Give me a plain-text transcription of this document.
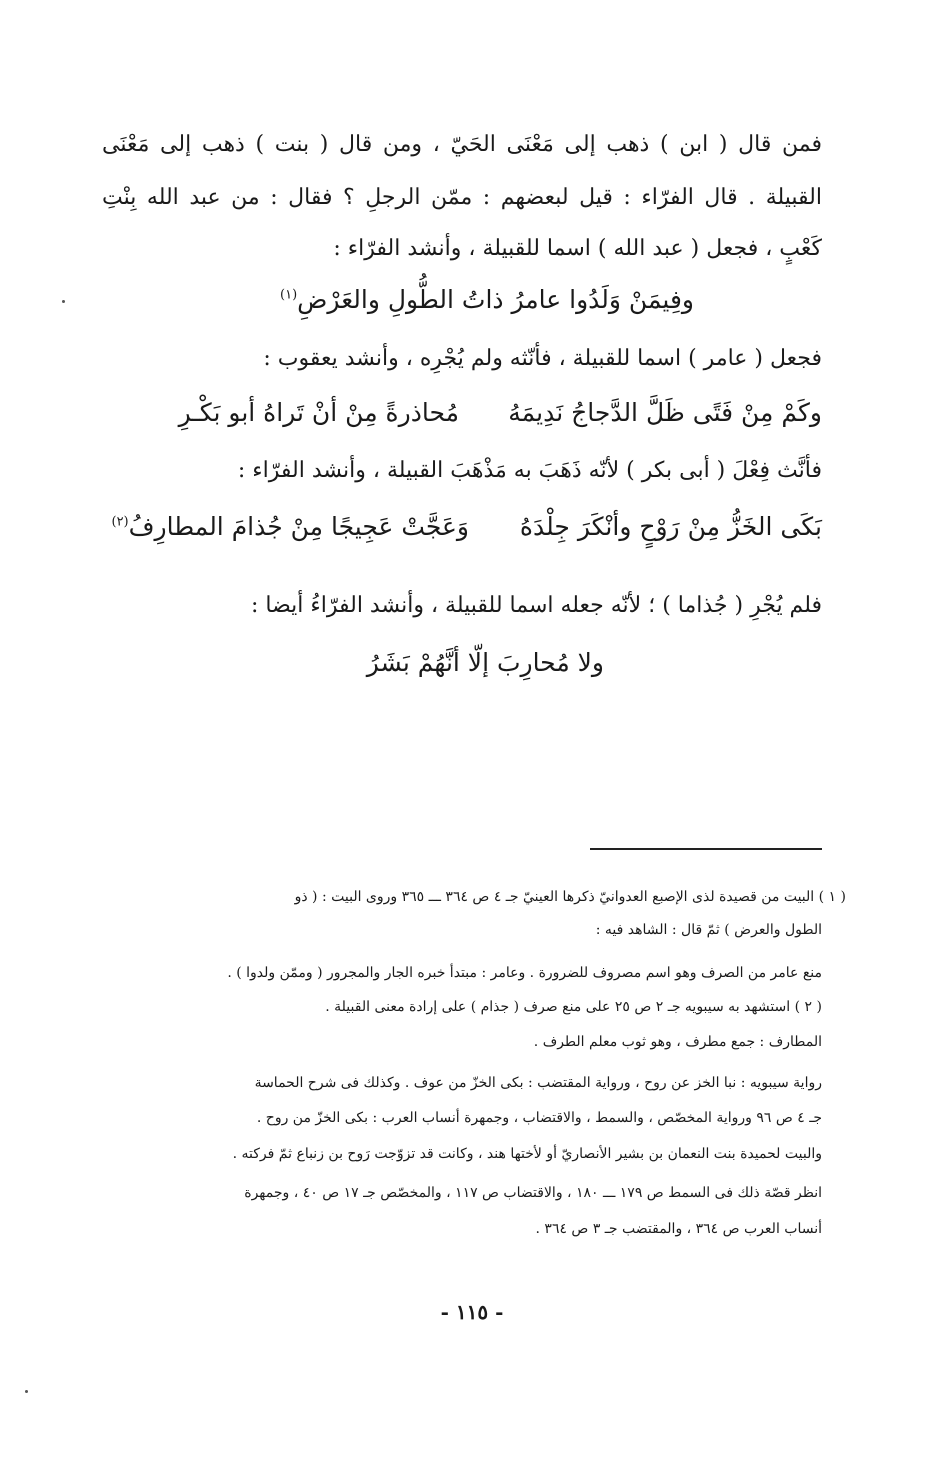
فمن قال ( ابن ) ذهب إلى مَعْنَى الحَيّ ، ومن قال ( بنت ) ذهب إلى مَعْنَى
القبيلة . قال الفرّاء : قيل لبعضهم : ممّن الرجلِ ؟ فقال : من عبد الله بِنْتِ
كَعْبٍ ، فجعل ( عبد الله ) اسما للقبيلة ، وأنشد الفرّاء :
وفِيمَنْ وَلَدُوا عامرُ ذاتُ الطُّولِ والعَرْضِ$^{(١)}$
فجعل ( عامر ) اسما للقبيلة ، فأنّثه ولم يُجْرِه ، وأنشد يعقوب :
وكَمْ مِنْ فَتًى ظَلَّ الدَّجاجُ نَدِيمَهُ
مُحاذرةً مِنْ أنْ تَراهُ أبو بَكْـرِ
فأنَّث فِعْلَ ( أبى بكر ) لأنّه ذَهَبَ به مَذْهَبَ القبيلة ، وأنشد الفرّاء :
بَكَى الخَزُّ مِنْ رَوْحٍ وأنْكَرَ جِلْدَهُ
وَعَجَّتْ عَجِيجًا مِنْ جُذامَ المطارِفُ$^{(٢)}$
فلم يُجْرِ ( جُذاما ) ؛ لأنّه جعله اسما للقبيلة ، وأنشد الفرّاءُ أيضا :
ولا مُحارِبَ إلّا أنَّهُمْ بَشَرُ
( ١ ) البيت من قصيدة لذى الإصبع العدوانيّ ذكرها العينيّ جـ ٤ ص ٣٦٤ ـــ ٣٦٥ وروى البيت : ( ذو
الطول والعرض ) ثمّ قال : الشاهد فيه :
منع عامر من الصرف وهو اسم مصروف للضرورة . وعامر : مبتدأ خبره الجار والمجرور ( وممّن ولدوا ) .
( ٢ ) استشهد به سيبويه جـ ٢ ص ٢٥ على منع صرف ( جذام ) على إرادة معنى القبيلة .
المطارف : جمع مطرف ، وهو ثوب معلم الطرف .
رواية سيبويه : نبا الخز عن روح ، ورواية المقتضب : بكى الخزّ من عوف . وكذلك فى شرح الحماسة
جـ ٤ ص ٩٦ ورواية المخصّص ، والسمط ، والاقتضاب ، وجمهرة أنساب العرب : بكى الخزّ من روح .
والبيت لحميدة بنت النعمان بن بشير الأنصاريّ أو لأختها هند ، وكانت قد تزوّجت رَوح بن زنباع ثمّ فركته .
انظر قصّة ذلك فى السمط ص ١٧٩ ـــ ١٨٠ ، والاقتضاب ص ١١٧ ، والمخصّص جـ ١٧ ص ٤٠ ، وجمهرة
أنساب العرب ص ٣٦٤ ، والمقتضب جـ ٣ ص ٣٦٤ .
- ١١٥ -
